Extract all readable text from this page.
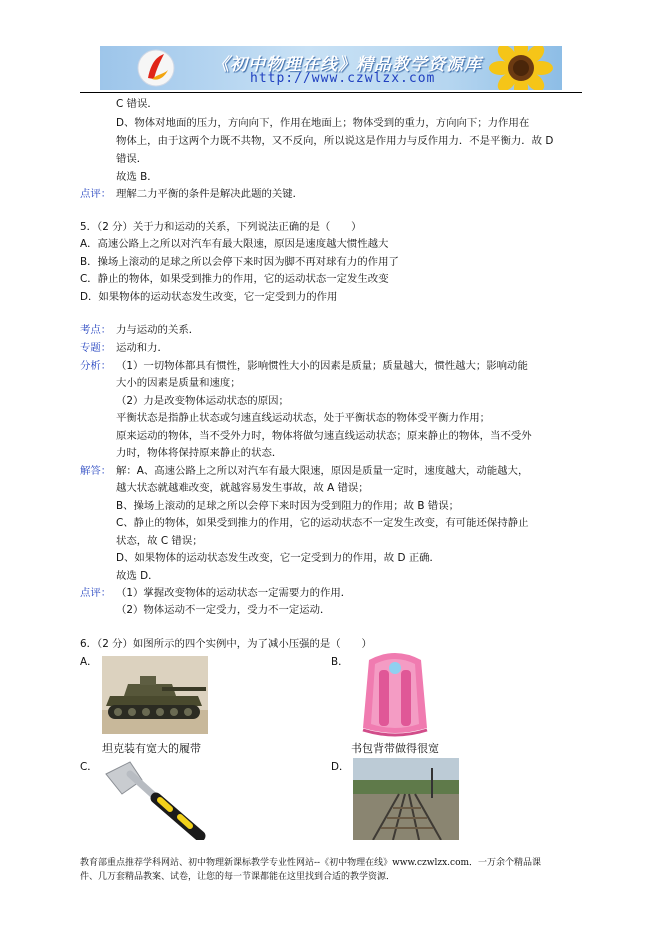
《初中物理在线》精品教学资源库
http://www.czwlzx.com
C 错误．
D、物体对地面的压力，方向向下，作用在地面上；物体受到的重力，方向向下；力作用在
物体上，由于这两个力既不共物，又不反向，所以说这是作用力与反作用力．不是平衡力．故 D
错误．
故选 B．
点评： 理解二力平衡的条件是解决此题的关键．
5．（2 分）关于力和运动的关系，下列说法正确的是（　　）
A．高速公路上之所以对汽车有最大限速，原因是速度越大惯性越大
B．操场上滚动的足球之所以会停下来时因为脚不再对球有力的作用了
C．静止的物体，如果受到推力的作用，它的运动状态一定发生改变
D．如果物体的运动状态发生改变，它一定受到力的作用
考点： 力与运动的关系．
专题： 运动和力．
分析： （1）一切物体都具有惯性，影响惯性大小的因素是质量；质量越大，惯性越大；影响动能
大小的因素是质量和速度；
（2）力是改变物体运动状态的原因；
平衡状态是指静止状态或匀速直线运动状态，处于平衡状态的物体受平衡力作用；
原来运动的物体，当不受外力时，物体将做匀速直线运动状态；原来静止的物体，当不受外
力时，物体将保持原来静止的状态．
解答： 解：A、高速公路上之所以对汽车有最大限速，原因是质量一定时，速度越大，动能越大，
越大状态就越难改变，就越容易发生事故，故 A 错误；
B、操场上滚动的足球之所以会停下来时因为受到阻力的作用；故 B 错误；
C、静止的物体，如果受到推力的作用，它的运动状态不一定发生改变，有可能还保持静止
状态，故 C 错误；
D、如果物体的运动状态发生改变，它一定受到力的作用，故 D 正确．
故选 D．
点评： （1）掌握改变物体的运动状态一定需要力的作用．
（2）物体运动不一定受力，受力不一定运动．
6．（2 分）如图所示的四个实例中，为了减小压强的是（　　）
A．
坦克装有宽大的履带
B．
书包背带做得很宽
C．	D．
教育部重点推荐学科网站、初中物理新课标教学专业性网站--《初中物理在线》www.czwlzx.com．一万余个精品课
件、几万套精品教案、试卷，让您的每一节课都能在这里找到合适的教学资源．
